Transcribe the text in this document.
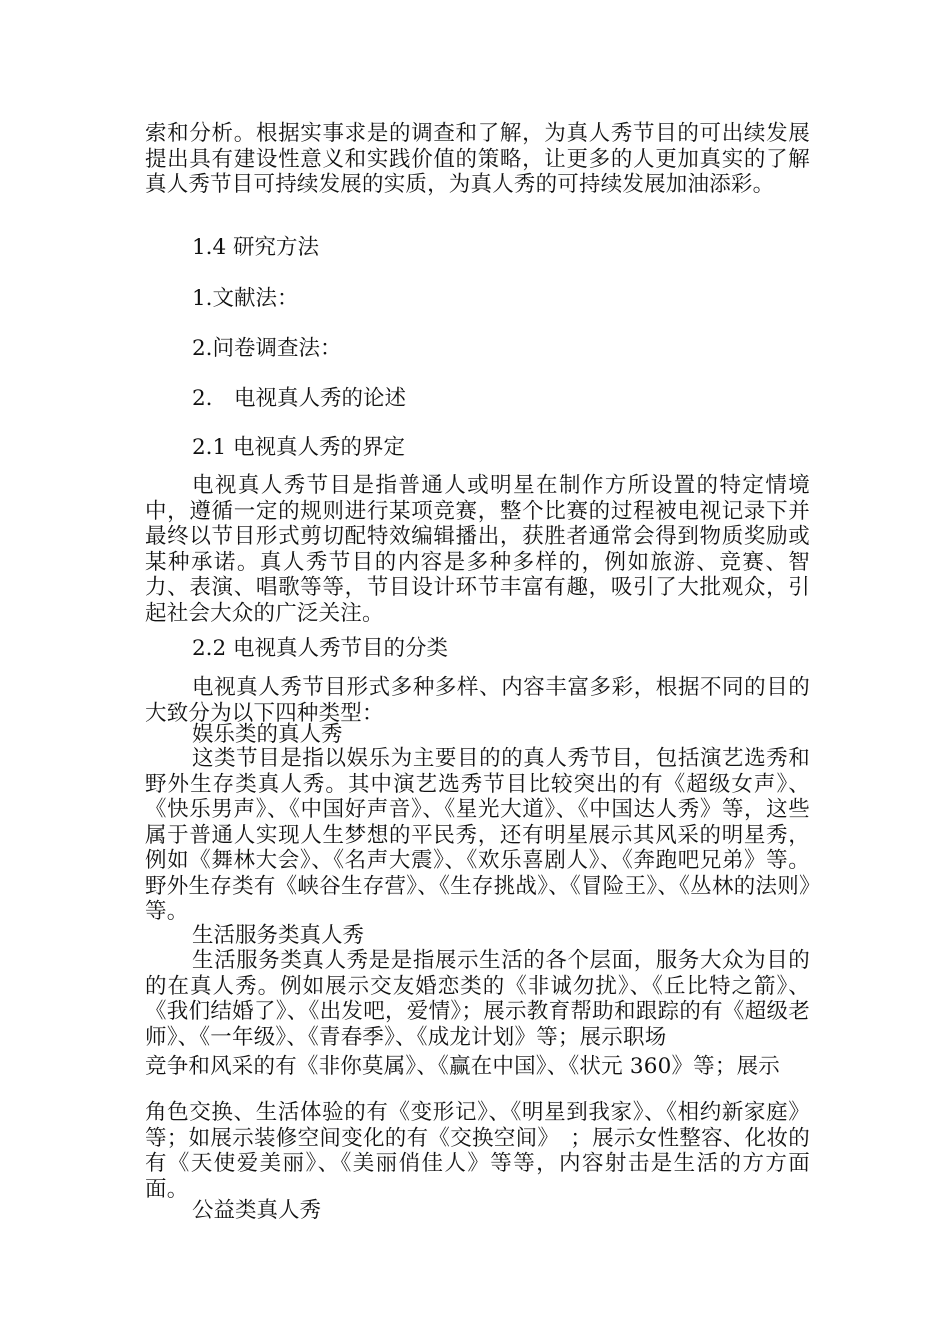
索和分析。根据实事求是的调查和了解，为真人秀节目的可出续发展提出具有建设性意义和实践价值的策略，让更多的人更加真实的了解真人秀节目可持续发展的实质，为真人秀的可持续发展加油添彩。

1.4 研究方法

1.文献法：

2.问卷调查法：

2.　电视真人秀的论述

2.1 电视真人秀的界定

电视真人秀节目是指普通人或明星在制作方所设置的特定情境中，遵循一定的规则进行某项竞赛，整个比赛的过程被电视记录下并最终以节目形式剪切配特效编辑播出，获胜者通常会得到物质奖励或某种承诺。真人秀节目的内容是多种多样的，例如旅游、竞赛、智力、表演、唱歌等等，节目设计环节丰富有趣，吸引了大批观众，引起社会大众的广泛关注。

2.2 电视真人秀节目的分类

电视真人秀节目形式多种多样、内容丰富多彩，根据不同的目的大致分为以下四种类型：

娱乐类的真人秀

这类节目是指以娱乐为主要目的的真人秀节目，包括演艺选秀和野外生存类真人秀。其中演艺选秀节目比较突出的有《超级女声》、《快乐男声》、《中国好声音》、《星光大道》、《中国达人秀》等，这些属于普通人实现人生梦想的平民秀，还有明星展示其风采的明星秀，例如《舞林大会》、《名声大震》、《欢乐喜剧人》、《奔跑吧兄弟》等。野外生存类有《峡谷生存营》、《生存挑战》、《冒险王》、《丛林的法则》等。

生活服务类真人秀

生活服务类真人秀是是指展示生活的各个层面，服务大众为目的的在真人秀。例如展示交友婚恋类的《非诚勿扰》、《丘比特之箭》、《我们结婚了》、《出发吧，爱情》；展示教育帮助和跟踪的有《超级老师》、《一年级》、《青春季》、《成龙计划》等；展示职场

竞争和风采的有《非你莫属》、《赢在中国》、《状元 360》等；展示

角色交换、生活体验的有《变形记》、《明星到我家》、《相约新家庭》等；如展示装修空间变化的有《交换空间》　；展示女性整容、化妆的有《天使爱美丽》、《美丽俏佳人》等等，内容射击是生活的方方面面。

公益类真人秀
